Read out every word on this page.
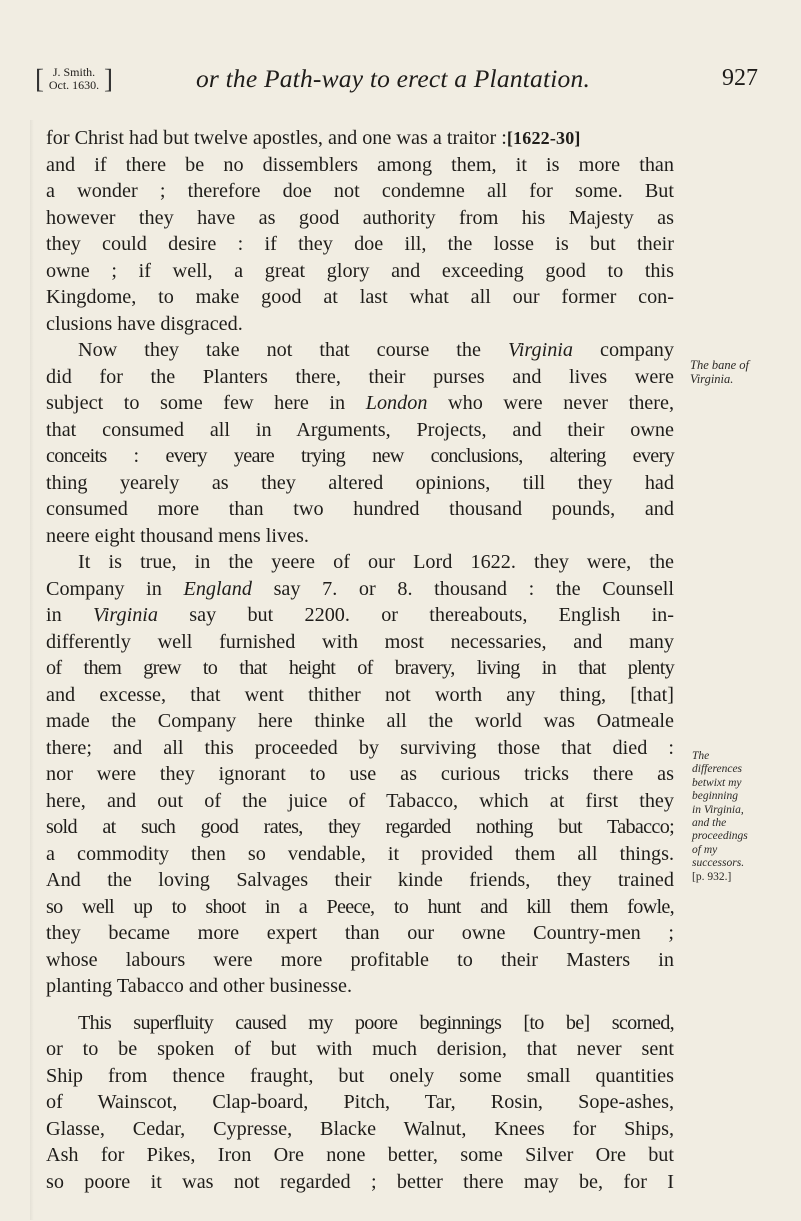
[ J. Smith.
Oct. 1630. ]	or the Path-way to erect a Plantation.	927
for Christ had but twelve apostles, and one was a traitor :[1622-30]
and if there be no dissemblers among them, it is more than
a wonder ; therefore doe not condemne all for some. But
however they have as good authority from his Majesty as
they could desire : if they doe ill, the losse is but their
owne ; if well, a great glory and exceeding good to this
Kingdome, to make good at last what all our former con-
clusions have disgraced.
Now they take not that course the Virginia company
did for the Planters there, their purses and lives were
subject to some few here in London who were never there,
that consumed all in Arguments, Projects, and their owne
conceits : every yeare trying new conclusions, altering every
thing yearely as they altered opinions, till they had
consumed more than two hundred thousand pounds, and
neere eight thousand mens lives.
It is true, in the yeere of our Lord 1622. they were, the
Company in England say 7. or 8. thousand : the Counsell
in Virginia say but 2200. or thereabouts, English in-
differently well furnished with most necessaries, and many
of them grew to that height of bravery, living in that plenty
and excesse, that went thither not worth any thing, [that]
made the Company here thinke all the world was Oatmeale
there; and all this proceeded by surviving those that died :
nor were they ignorant to use as curious tricks there as
here, and out of the juice of Tabacco, which at first they
sold at such good rates, they regarded nothing but Tabacco;
a commodity then so vendable, it provided them all things.
And the loving Salvages their kinde friends, they trained
so well up to shoot in a Peece, to hunt and kill them fowle,
they became more expert than our owne Country-men ;
whose labours were more profitable to their Masters in
planting Tabacco and other businesse.
This superfluity caused my poore beginnings [to be] scorned,
or to be spoken of but with much derision, that never sent
Ship from thence fraught, but onely some small quantities
of Wainscot, Clap-board, Pitch, Tar, Rosin, Sope-ashes,
Glasse, Cedar, Cypresse, Blacke Walnut, Knees for Ships,
Ash for Pikes, Iron Ore none better, some Silver Ore but
so poore it was not regarded ; better there may be, for I
The bane of
Virginia.
The
differences
betwixt my
beginning
in Virginia,
and the
proceedings
of my
successors.
[p. 932.]
